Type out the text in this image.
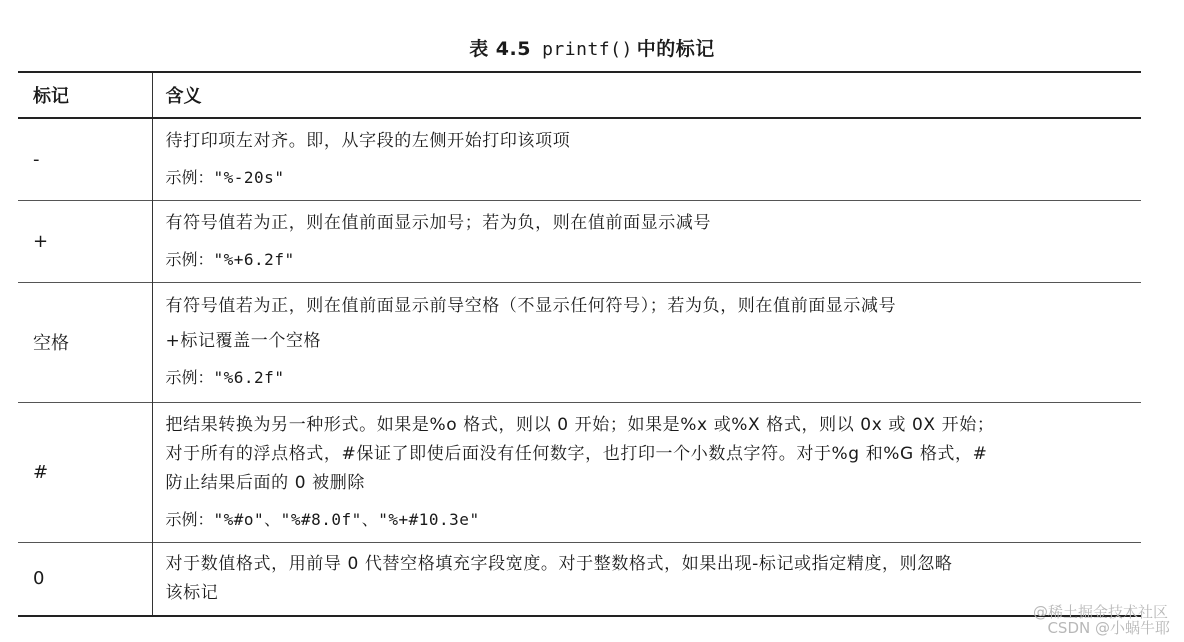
表 4.5 printf() 中的标记
标记	含义
-	待打印项左对齐。即，从字段的左侧开始打印该项项
示例："%-20s"

+	有符号值若为正，则在值前面显示加号；若为负，则在值前面显示减号
示例："%+6.2f"

空格	有符号值若为正，则在值前面显示前导空格（不显示任何符号）；若为负，则在值前面显示减号
+标记覆盖一个空格
示例："%6.2f"

#	把结果转换为另一种形式。如果是%o 格式，则以 0 开始；如果是%x 或%X 格式，则以 0x 或 0X 开始；
对于所有的浮点格式，#保证了即使后面没有任何数字，也打印一个小数点字符。对于%g 和%G 格式，#
防止结果后面的 0 被删除
示例："%#o"、"%#8.0f"、"%+#10.3e"

0	对于数值格式，用前导 0 代替空格填充字段宽度。对于整数格式，如果出现-标记或指定精度，则忽略
该标记
@稀土掘金技术社区
CSDN @小蜗牛耶
